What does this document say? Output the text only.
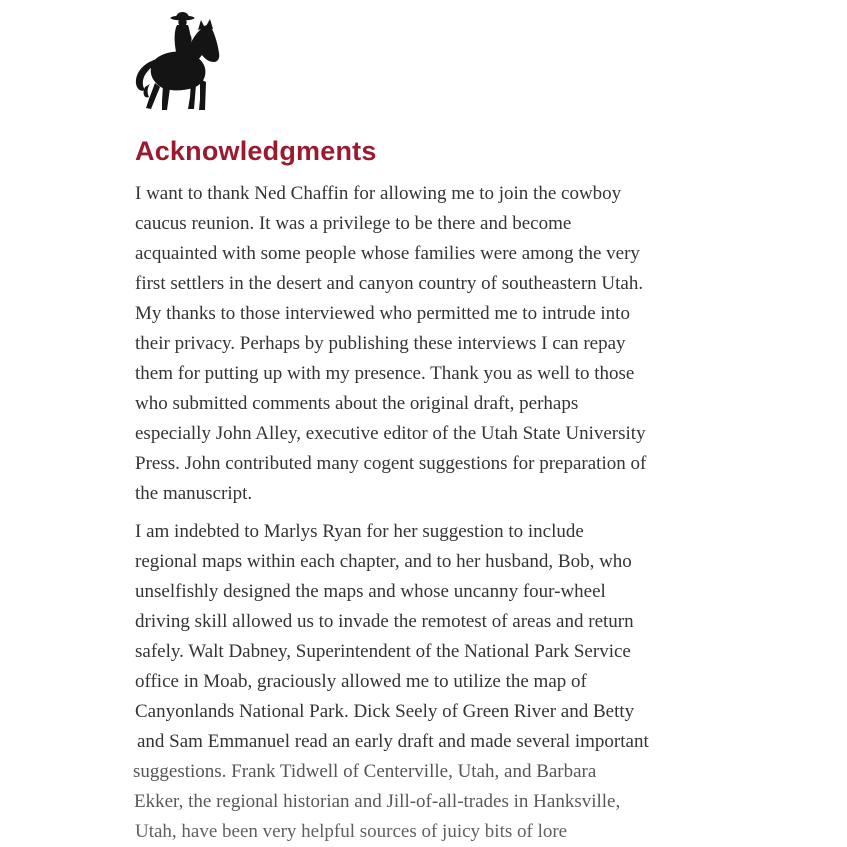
Acknowledgments
I want to thank Ned Chaffin for allowing me to join the cowboy
caucus reunion. It was a privilege to be there and become
acquainted with some people whose families were among the very
first settlers in the desert and canyon country of southeastern Utah.
My thanks to those interviewed who permitted me to intrude into
their privacy. Perhaps by publishing these interviews I can repay
them for putting up with my presence. Thank you as well to those
who submitted comments about the original draft, perhaps
especially John Alley, executive editor of the Utah State University
Press. John contributed many cogent suggestions for preparation of
the manuscript.
I am indebted to Marlys Ryan for her suggestion to include
regional maps within each chapter, and to her husband, Bob, who
unselfishly designed the maps and whose uncanny four-wheel
driving skill allowed us to invade the remotest of areas and return
safely. Walt Dabney, Superintendent of the National Park Service
office in Moab, graciously allowed me to utilize the map of
Canyonlands National Park. Dick Seely of Green River and Betty
and Sam Emmanuel read an early draft and made several important
suggestions. Frank Tidwell of Centerville, Utah, and Barbara
Ekker, the regional historian and Jill-of-all-trades in Hanksville,
Utah, have been very helpful sources of juicy bits of lore
